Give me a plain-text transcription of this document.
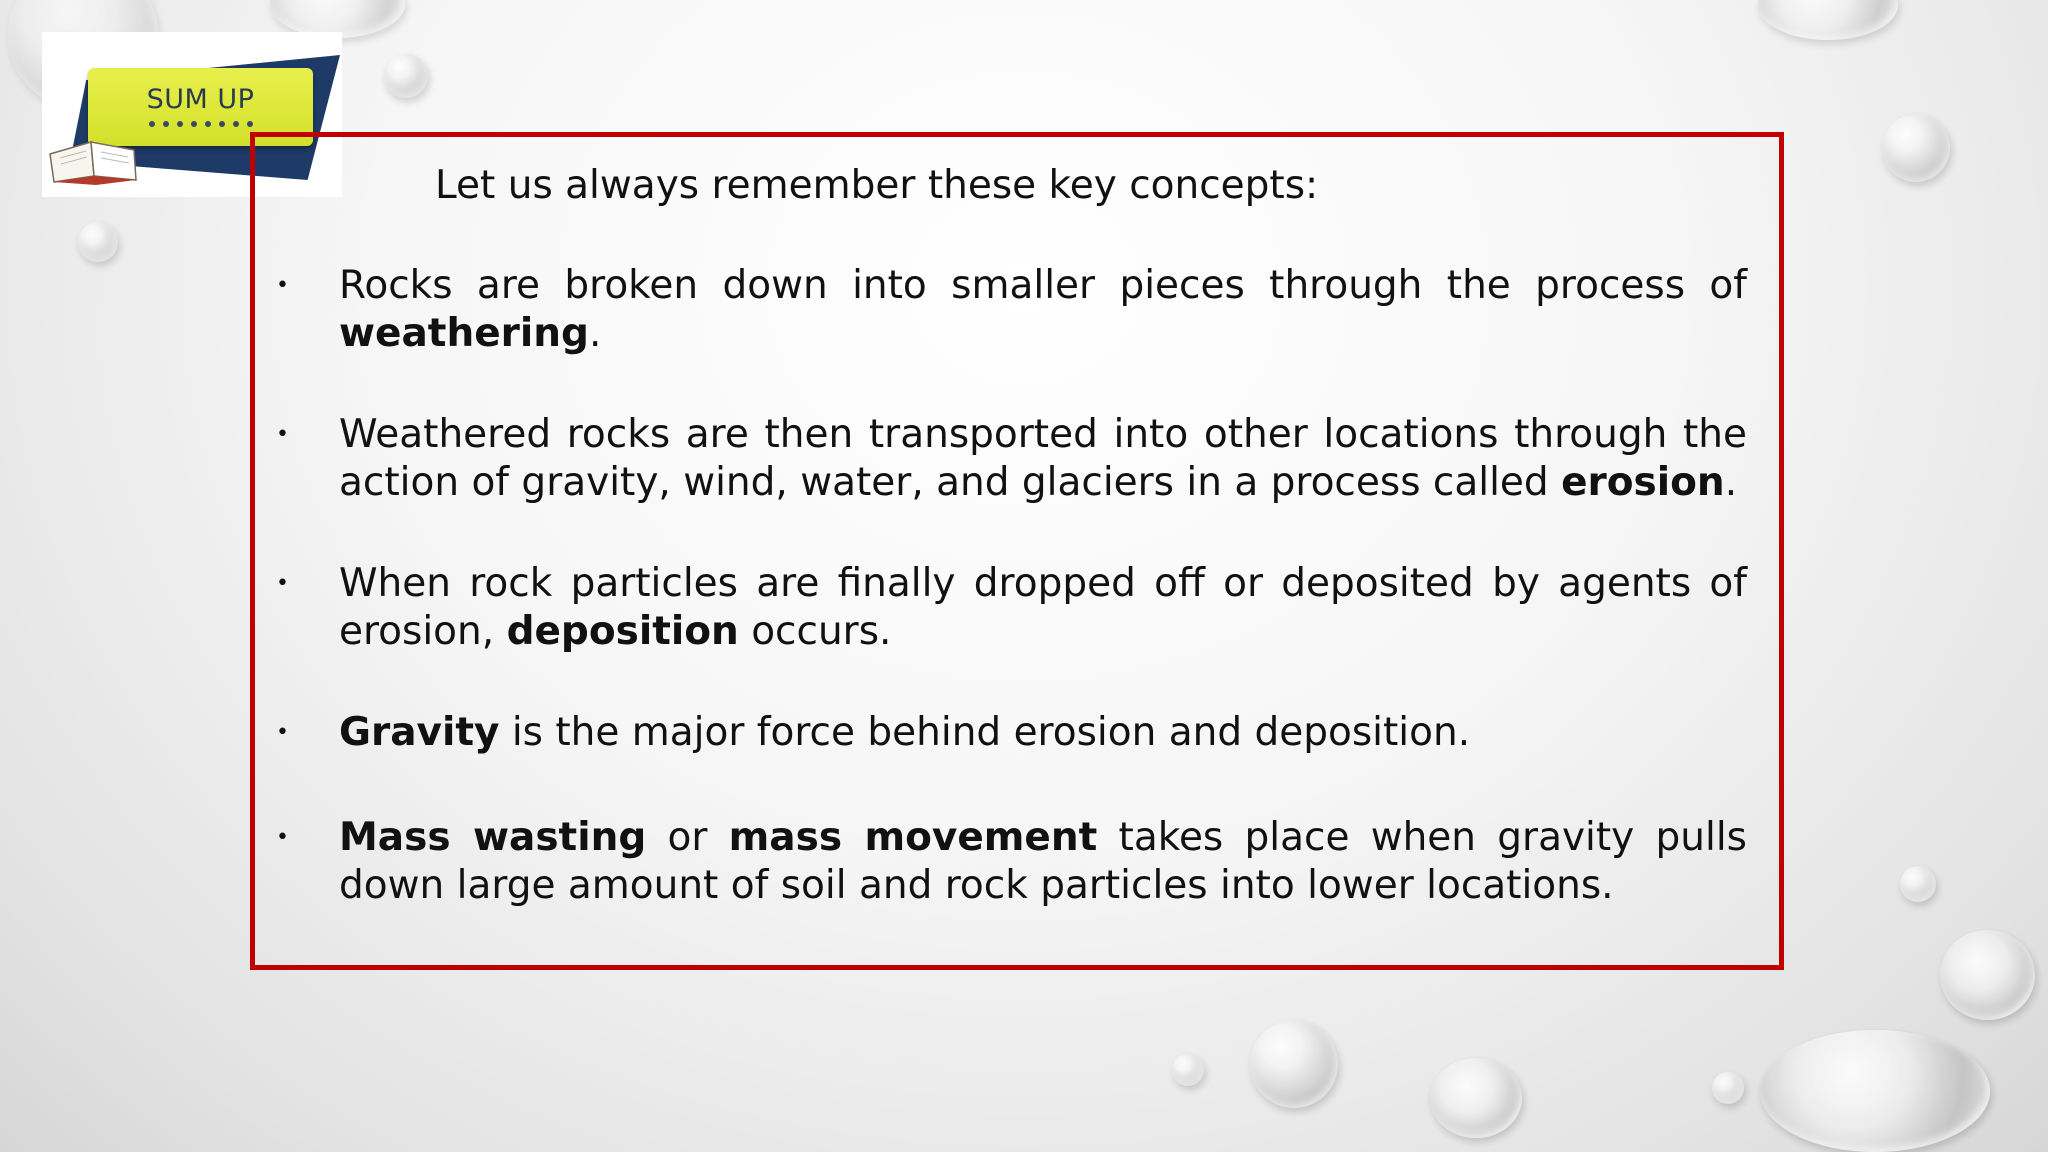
SUM UP

Let us always remember these key concepts:

• Rocks are broken down into smaller pieces through the process of weathering.

• Weathered rocks are then transported into other locations through the action of gravity, wind, water, and glaciers in a process called erosion.

• When rock particles are finally dropped off or deposited by agents of erosion, deposition occurs.

• Gravity is the major force behind erosion and deposition.

• Mass wasting or mass movement takes place when gravity pulls down large amount of soil and rock particles into lower locations.
